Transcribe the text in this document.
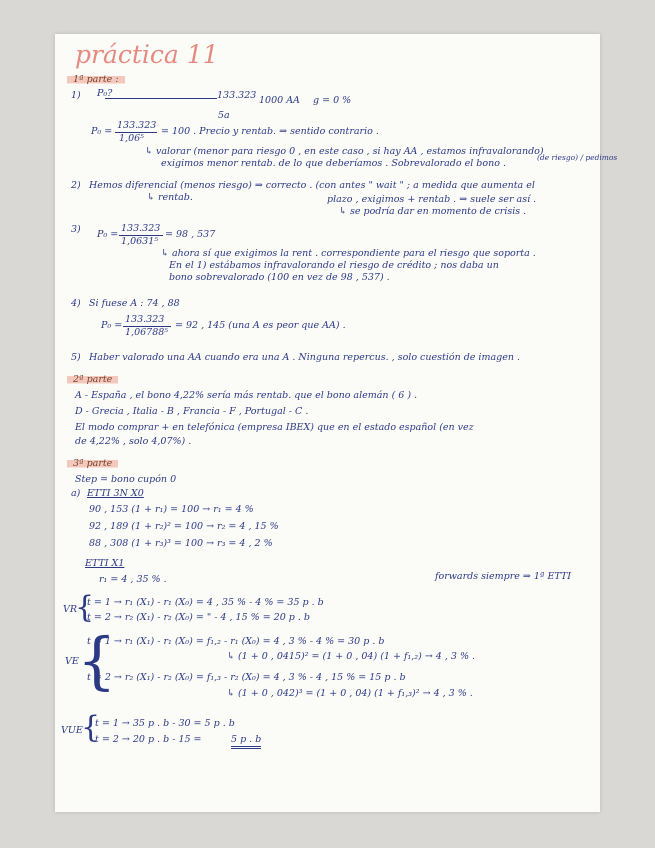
práctica 11
1ª parte :
1) P₀?	133.323
5a
1000 AA g = 0 %
P₀ =
133.323
1,06⁵
= 100 . Precio y rentab. ⇒ sentido contrario .
↳ valorar (menor para riesgo 0 , en este caso , si hay AA , estamos infravalorando)
exigimos menor rentab. de lo que deberíamos . Sobrevalorado el bono .
(de riesgo) / pedimos
2) Hemos diferencial (menos riesgo) ⇒ correcto . (con antes " wait " ; a medida que aumenta el
↳ rentab.	plazo , exigimos + rentab . ⇒ suele ser así .
↳ se podría dar en momento de crisis .
3) P₀ =
133.323
1,0631⁵
= 98 , 537
↳ ahora sí que exigimos la rent . correspondiente para el riesgo que soporta .
En el 1) estábamos infravalorando el riesgo de crédito ; nos daba un
bono sobrevalorado (100 en vez de 98 , 537) .
4) Si fuese A : 74 , 88
P₀ =
133.323
1,06788⁵
= 92 , 145 (una A es peor que AA) .
5) Haber valorado una AA cuando era una A . Ninguna repercus. , solo cuestión de imagen .
2ª parte
A - España , el bono 4,22% sería más rentab. que el bono alemán ( 6 ) .
D - Grecia , Italia - B , Francia - F , Portugal - C .
El modo comprar + en telefónica (empresa IBEX) que en el estado español (en vez
de 4,22% , solo 4,07%) .
3ª parte
Step = bono cupón 0
a) ETTI 3N X0
90 , 153 (1 + r₁) = 100 → r₁ = 4 %
92 , 189 (1 + r₂)² = 100 → r₂ = 4 , 15 %
88 , 308 (1 + r₃)³ = 100 → r₃ = 4 , 2 %
ETTI X1
r₁ = 4 , 35 % .	forwards siempre ⇒ 1ª ETTI
VR
{
t = 1 → r₁ (X₁) - r₁ (X₀) = 4 , 35 % - 4 % = 35 p . b
t = 2 → r₂ (X₁) - r₂ (X₀) = " - 4 , 15 % = 20 p . b
VE
{
t = 1 → r₁ (X₁) - r₁ (X₀) = f₁,₂ - r₁ (X₀) = 4 , 3 % - 4 % = 30 p . b
↳ (1 + 0 , 0415)² = (1 + 0 , 04) (1 + f₁,₂) → 4 , 3 % .
t = 2 → r₂ (X₁) - r₂ (X₀) = f₁,₃ - r₂ (X₀) = 4 , 3 % - 4 , 15 % = 15 p . b
↳ (1 + 0 , 042)³ = (1 + 0 , 04) (1 + f₁,₃)² → 4 , 3 % .
VUE
{
t = 1 → 35 p . b - 30 = 5 p . b
t = 2 → 20 p . b - 15 =	5 p . b
